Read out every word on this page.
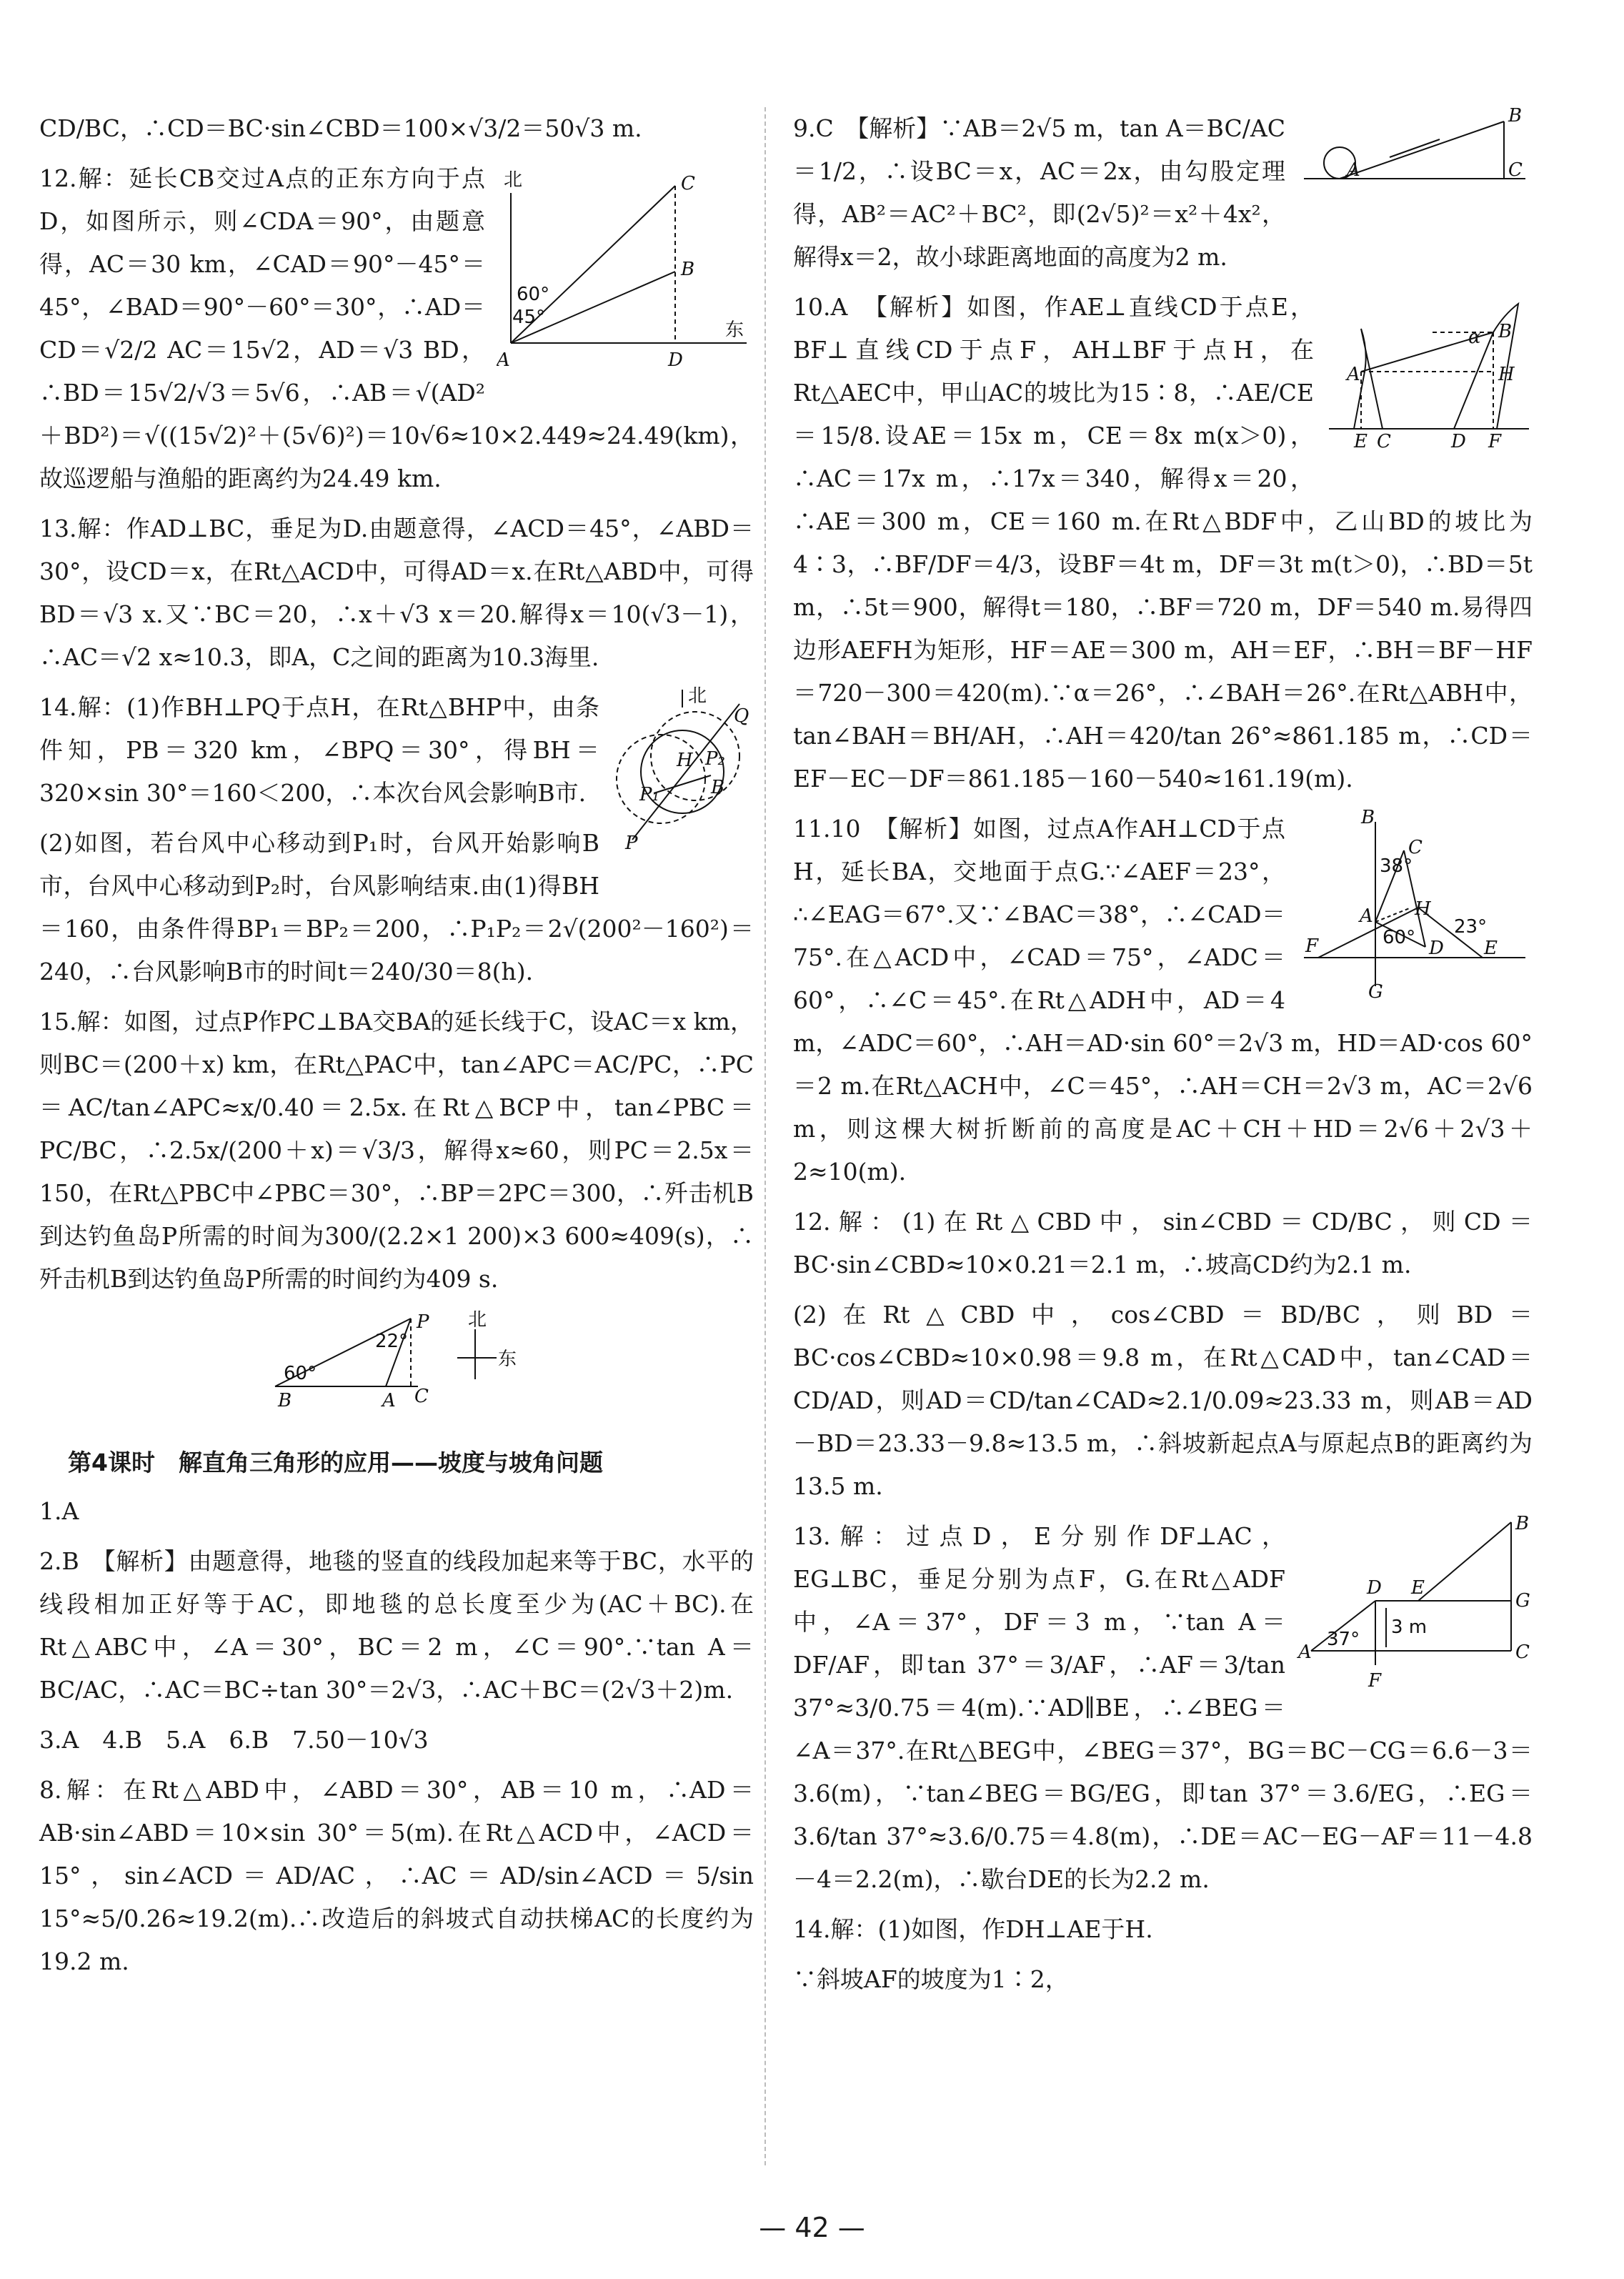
CD/BC，∴CD＝BC·sin∠CBD＝100×√3/2＝50√3 m.

北
东
60°
45°
A
B
C
D

12.解：延长CB交过A点的正东方向于点D，如图所示，则∠CDA＝90°，由题意得，AC＝30 km，∠CAD＝90°－45°＝45°，∠BAD＝90°－60°＝30°，∴AD＝CD＝√2/2 AC＝15√2，AD＝√3 BD，∴BD＝15√2/√3＝5√6，∴AB＝√(AD²＋BD²)＝√((15√2)²＋(5√6)²)＝10√6≈10×2.449≈24.49(km)，故巡逻船与渔船的距离约为24.49 km.

13.解：作AD⊥BC，垂足为D.由题意得，∠ACD＝45°，∠ABD＝30°，设CD＝x，在Rt△ACD中，可得AD＝x.在Rt△ABD中，可得BD＝√3 x.又∵BC＝20，∴x＋√3 x＝20.解得x＝10(√3－1)，∴AC＝√2 x≈10.3，即A，C之间的距离为10.3海里.

北
Q
P
P₁
P₂
H
B

14.解：(1)作BH⊥PQ于点H，在Rt△BHP中，由条件知，PB＝320 km，∠BPQ＝30°，得BH＝320×sin 30°＝160＜200，∴本次台风会影响B市.

(2)如图，若台风中心移动到P₁时，台风开始影响B市，台风中心移动到P₂时，台风影响结束.由(1)得BH＝160，由条件得BP₁＝BP₂＝200，∴P₁P₂＝2√(200²－160²)＝240，∴台风影响B市的时间t＝240/30＝8(h).

15.解：如图，过点P作PC⊥BA交BA的延长线于C，设AC＝x km，则BC＝(200＋x) km，在Rt△PAC中，tan∠APC＝AC/PC，∴PC＝AC/tan∠APC≈x/0.40＝2.5x.在Rt△BCP中，tan∠PBC＝PC/BC，∴2.5x/(200＋x)＝√3/3，解得x≈60，则PC＝2.5x＝150，在Rt△PBC中∠PBC＝30°，∴BP＝2PC＝300，∴歼击机B到达钓鱼岛P所需的时间为300/(2.2×1 200)×3 600≈409(s)，∴歼击机B到达钓鱼岛P所需的时间约为409 s.

P 北
东
60°
22°
B	A C
第4课时　解直角三角形的应用——坡度与坡角问题

1.A

2.B　【解析】由题意得，地毯的竖直的线段加起来等于BC，水平的线段相加正好等于AC，即地毯的总长度至少为(AC＋BC).在Rt△ABC中，∠A＝30°，BC＝2 m，∠C＝90°.∵tan A＝BC/AC，∴AC＝BC÷tan 30°＝2√3，∴AC＋BC＝(2√3＋2)m.

3.A　4.B　5.A　6.B　7.50－10√3

8.解：在Rt△ABD中，∠ABD＝30°，AB＝10 m，∴AD＝AB·sin∠ABD＝10×sin 30°＝5(m).在Rt△ACD中，∠ACD＝15°，sin∠ACD＝AD/AC，∴AC＝AD/sin∠ACD＝5/sin 15°≈5/0.26≈19.2(m).∴改造后的斜坡式自动扶梯AC的长度约为19.2 m.

A
B
C

9.C　【解析】∵AB＝2√5 m，tan A＝BC/AC＝1/2，∴设BC＝x，AC＝2x，由勾股定理得，AB²＝AC²＋BC²，即(2√5)²＝x²＋4x²，解得x＝2，故小球距离地面的高度为2 m.

α
A
B
H
E C	D F

10.A　【解析】如图，作AE⊥直线CD于点E，BF⊥直线CD于点F，AH⊥BF于点H，在Rt△AEC中，甲山AC的坡比为15∶8，∴AE/CE＝15/8.设AE＝15x m，CE＝8x m(x＞0)，∴AC＝17x m，∴17x＝340，解得x＝20，∴AE＝300 m，CE＝160 m.在Rt△BDF中，乙山BD的坡比为4∶3，∴BF/DF＝4/3，设BF＝4t m，DF＝3t m(t＞0)，∴BD＝5t m，∴5t＝900，解得t＝180，∴BF＝720 m，DF＝540 m.易得四边形AEFH为矩形，HF＝AE＝300 m，AH＝EF，∴BH＝BF－HF＝720－300＝420(m).∵α＝26°，∴∠BAH＝26°.在Rt△ABH中，tan∠BAH＝BH/AH，∴AH＝420/tan 26°≈861.185 m，∴CD＝EF－EC－DF＝861.185－160－540≈161.19(m).

B
C
38°
A H
23°
60°
F	D E
G

11.10　【解析】如图，过点A作AH⊥CD于点H，延长BA，交地面于点G.∵∠AEF＝23°，∴∠EAG＝67°.又∵∠BAC＝38°，∴∠CAD＝75°.在△ACD中，∠CAD＝75°，∠ADC＝60°，∴∠C＝45°.在Rt△ADH中，AD＝4 m，∠ADC＝60°，∴AH＝AD·sin 60°＝2√3 m，HD＝AD·cos 60°＝2 m.在Rt△ACH中，∠C＝45°，∴AH＝CH＝2√3 m，AC＝2√6 m，则这棵大树折断前的高度是AC＋CH＋HD＝2√6＋2√3＋2≈10(m).

12.解：(1)在Rt△CBD中，sin∠CBD＝CD/BC，则CD＝BC·sin∠CBD≈10×0.21＝2.1 m，∴坡高CD约为2.1 m.

(2)在Rt△CBD中，cos∠CBD＝BD/BC，则BD＝BC·cos∠CBD≈10×0.98＝9.8 m，在Rt△CAD中，tan∠CAD＝CD/AD，则AD＝CD/tan∠CAD≈2.1/0.09≈23.33 m，则AB＝AD－BD＝23.33－9.8≈13.5 m，∴斜坡新起点A与原起点B的距离约为13.5 m.

B
D E
G
37°
3 m
A
F
C

13.解：过点D，E分别作DF⊥AC，EG⊥BC，垂足分别为点F，G.在Rt△ADF中，∠A＝37°，DF＝3 m，∵tan A＝DF/AF，即tan 37°＝3/AF，∴AF＝3/tan 37°≈3/0.75＝4(m).∵AD∥BE，∴∠BEG＝∠A＝37°.在Rt△BEG中，∠BEG＝37°，BG＝BC－CG＝6.6－3＝3.6(m)，∵tan∠BEG＝BG/EG，即tan 37°＝3.6/EG，∴EG＝3.6/tan 37°≈3.6/0.75＝4.8(m)，∴DE＝AC－EG－AF＝11－4.8－4＝2.2(m)，∴歇台DE的长为2.2 m.

14.解：(1)如图，作DH⊥AE于H.

∵斜坡AF的坡度为1∶2，

— 42 —
